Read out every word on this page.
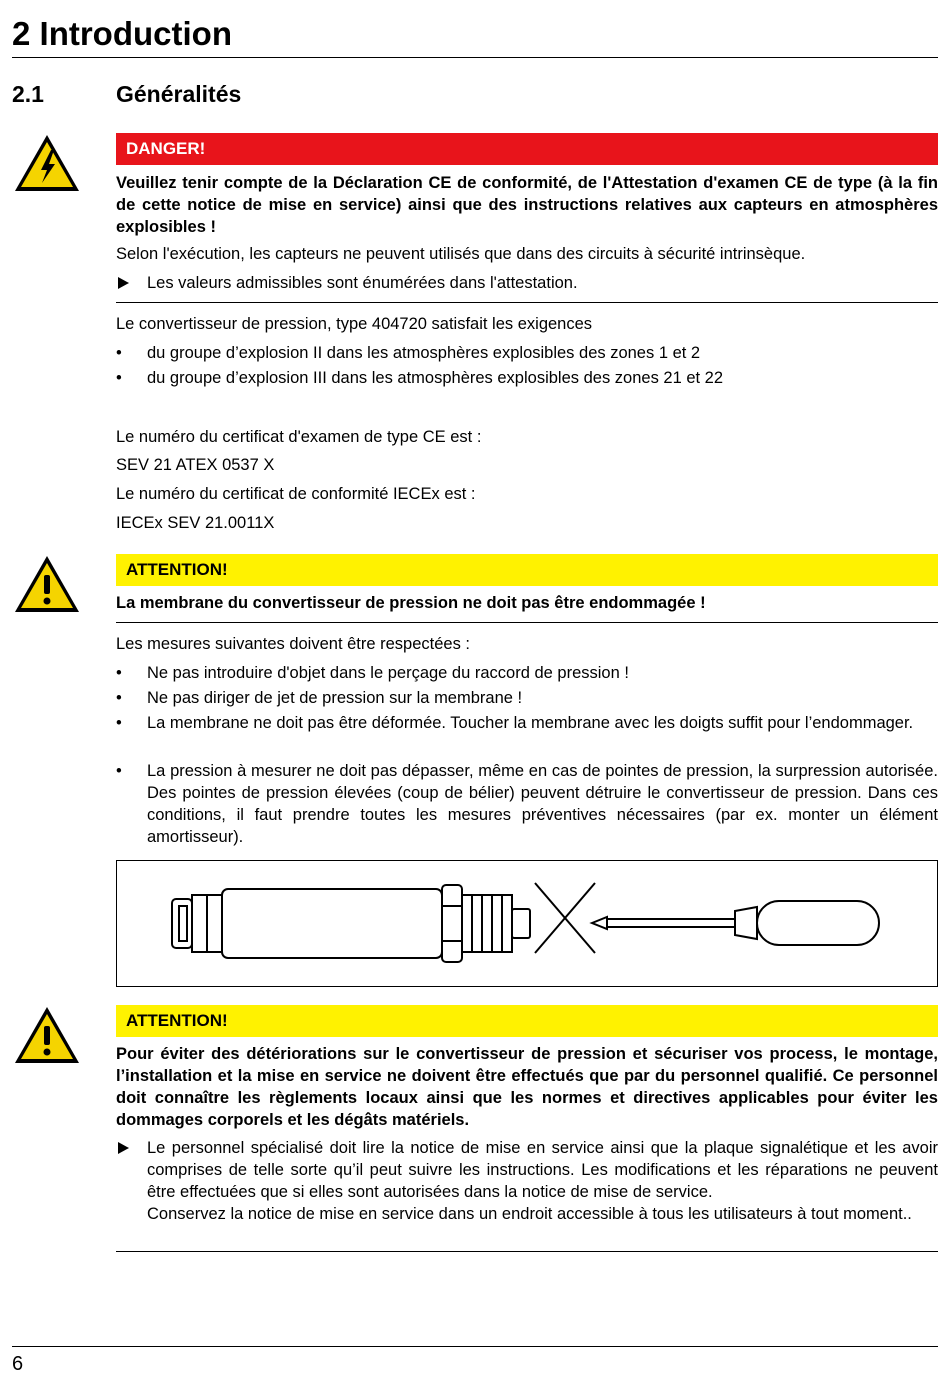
2 Introduction
2.1	Généralités
DANGER!
Veuillez tenir compte de la Déclaration CE de conformité, de l'Attestation d'examen CE de type (à la fin de cette notice de mise en service) ainsi que des instructions relatives aux capteurs en atmosphères explosibles !
Selon l'exécution, les capteurs ne peuvent utilisés que dans des circuits à sécurité intrinsèque.
Les valeurs admissibles sont énumérées dans l'attestation.
Le convertisseur de pression, type 404720 satisfait les exigences
•	du groupe d’explosion II dans les atmosphères explosibles des zones 1 et 2
•	du groupe d’explosion III dans les atmosphères explosibles des zones 21 et 22
Le numéro du certificat d'examen de type CE est :
SEV 21 ATEX 0537 X
Le numéro du certificat de conformité IECEx est :
IECEx SEV 21.0011X
ATTENTION!
La membrane du convertisseur de pression ne doit pas être endommagée !
Les mesures suivantes doivent être respectées :
•	Ne pas introduire d'objet dans le perçage du raccord de pression !
•	Ne pas diriger de jet de pression sur la membrane !
•	La membrane ne doit pas être déformée. Toucher la membrane avec les doigts suffit pour l’endommager.
•	La pression à mesurer ne doit pas dépasser, même en cas de pointes de pression, la surpression autorisée. Des pointes de pression élevées (coup de bélier) peuvent détruire le convertisseur de pression. Dans ces conditions, il faut prendre toutes les mesures préventives nécessaires (par ex. monter un élément amortisseur).
ATTENTION!
Pour éviter des détériorations sur le convertisseur de pression et sécuriser vos process, le montage, l’installation et la mise en service ne doivent être effectués que par du personnel qualifié. Ce personnel doit connaître les règlements locaux ainsi que les normes et directives applicables pour éviter les dommages corporels et les dégâts matériels.
Le personnel spécialisé doit lire la notice de mise en service ainsi que la plaque signalétique et les avoir comprises de telle sorte qu’il peut suivre les instructions. Les modifications et les réparations ne peuvent être effectuées que si elles sont autorisées dans la notice de mise de service.
Conservez la notice de mise en service dans un endroit accessible à tous les utilisateurs à tout moment..
6
